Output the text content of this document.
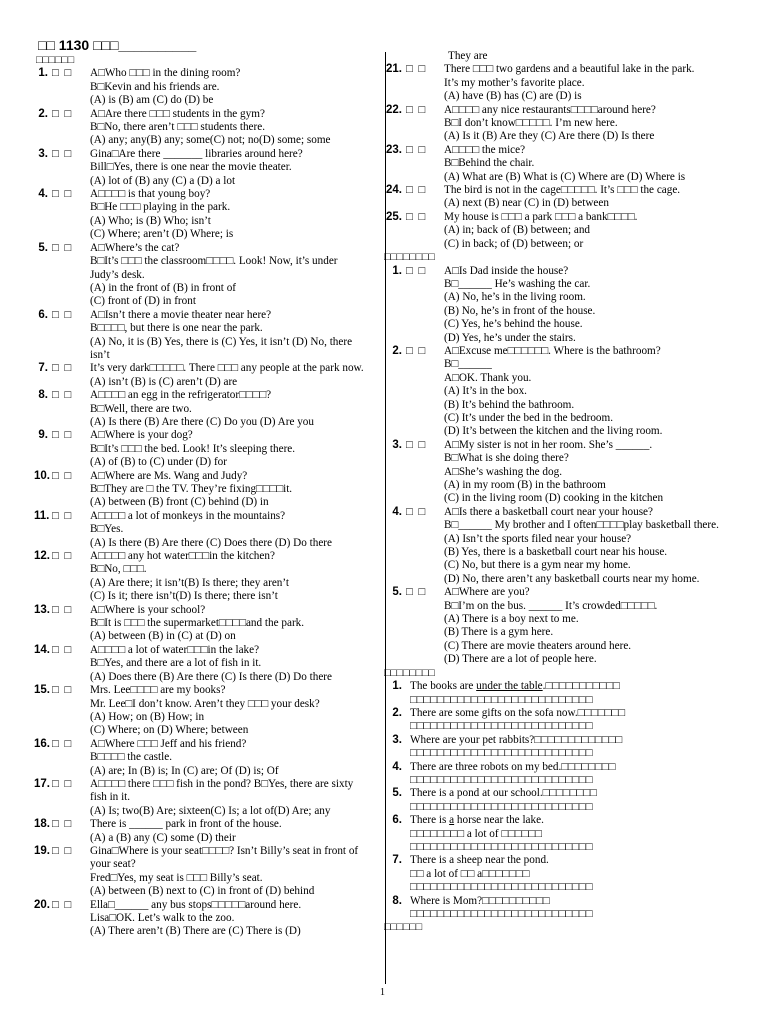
□□ 1130 □□□__________
□□□□□□
1. □  □	A□Who □□□ in the dining room?
B□Kevin and his friends are.
(A) is (B) am (C) do (D) be
2. □  □	A□Are there □□□ students in the gym?
B□No, there aren’t □□□ students there.
(A) any; any(B) any; some(C) not; no(D) some; some
3. □  □	Gina□Are there _______ libraries around here?
Bill□Yes, there is one near the movie theater.
(A) lot of (B) any (C) a (D) a lot
4. □  □	A□□□□ is that young boy?
B□He □□□ playing in the park.
(A) Who; is (B) Who; isn’t
(C) Where; aren’t (D) Where; is
5. □  □	A□Where’s the cat?
B□It’s □□□ the classroom□□□□. Look! Now, it’s under Judy’s desk.
(A) in the front of (B) in front of
(C) front of (D) in front
6. □  □	A□Isn’t there a movie theater near here?
B□□□□, but there is one near the park.
(A) No, it is (B) Yes, there is (C) Yes, it isn’t (D) No, there isn’t
7. □  □	It’s very dark□□□□□. There □□□ any people at the park now.
(A) isn’t (B) is (C) aren’t (D) are
8. □  □	A□□□□ an egg in the refrigerator□□□□?
B□Well, there are two.
(A) Is there (B) Are there (C) Do you (D) Are you
9. □  □	A□Where is your dog?
B□It’s □□□ the bed. Look! It’s sleeping there.
(A) of (B) to (C) under (D) for
10. □  □	A□Where are Ms. Wang and Judy?
B□They are □ the TV. They’re fixing□□□□it.
(A) between (B) front (C) behind (D) in
11. □  □	A□□□□ a lot of monkeys in the mountains?
B□Yes.
(A) Is there (B) Are there (C) Does there (D) Do there
12. □  □	A□□□□ any hot water□□□in the kitchen?
B□No, □□□.
(A) Are there; it isn’t(B) Is there; they aren’t
(C) Is it; there isn’t(D) Is there; there isn’t
13. □  □	A□Where is your school?
B□It is □□□ the supermarket□□□□and the park.
(A) between (B) in (C) at (D) on
14. □  □	A□□□□ a lot of water□□□in the lake?
B□Yes, and there are a lot of fish in it.
(A) Does there (B) Are there (C) Is there (D) Do there
15. □  □	Mrs. Lee□□□□ are my books?
Mr. Lee□I don’t know. Aren’t they □□□ your desk?
(A) How; on (B) How; in
(C) Where; on (D) Where; between
16. □  □	A□Where □□□ Jeff and his friend?
B□□□□ the castle.
(A) are; In (B) is; In (C) are; Of (D) is; Of
17. □  □	A□□□□ there □□□ fish in the pond? B□Yes, there are sixty fish in it.
(A) Is; two(B) Are; sixteen(C) Is; a lot of(D) Are; any
18. □  □	There is ______ park in front of the house.
(A) a (B) any (C) some (D) their
19. □  □	Gina□Where is your seat□□□□? Isn’t Billy’s seat in front of your seat?
Fred□Yes, my seat is □□□ Billy’s seat.
(A) between (B) next to (C) in front of (D) behind
20. □  □	Ella□______ any bus stops□□□□□around here.
Lisa□OK. Let’s walk to the zoo.
(A) There aren’t (B) There are (C) There is (D)
They are
21. □  □	There □□□ two gardens and a beautiful lake in the park.
It’s my mother’s favorite place.
(A) have (B) has (C) are (D) is
22. □  □	A□□□□ any nice restaurants□□□□around here?
B□I don’t know□□□□□. I’m new here.
(A) Is it (B) Are they (C) Are there (D) Is there
23. □  □	A□□□□ the mice?
B□Behind the chair.
(A) What are (B) What is (C) Where are (D) Where is
24. □  □	The bird is not in the cage□□□□□. It’s □□□ the cage.
(A) next (B) near (C) in (D) between
25. □  □	My house is □□□ a park □□□ a bank□□□□.
(A) in; back of (B) between; and
(C) in back; of (D) between; or
□□□□□□□□
1. □  □	A□Is Dad inside the house?
B□______ He’s washing the car.
(A) No, he’s in the living room.
(B) No, he’s in front of the house.
(C) Yes, he’s behind the house.
(D) Yes, he’s under the stairs.
2. □  □	A□Excuse me□□□□□□. Where is the bathroom?
B□______
A□OK. Thank you.
(A) It’s in the box.
(B) It’s behind the bathroom.
(C) It’s under the bed in the bedroom.
(D) It’s between the kitchen and the living room.
3. □  □	A□My sister is not in her room. She’s ______.
B□What is she doing there?
A□She’s washing the dog.
(A) in my room (B) in the bathroom
(C) in the living room (D) cooking in the kitchen
4. □  □	A□Is there a basketball court near your house?
B□______ My brother and I often□□□□play basketball there.
(A) Isn’t the sports filed near your house?
(B) Yes, there is a basketball court near his house.
(C) No, but there is a gym near my home.
(D) No, there aren’t any basketball courts near my home.
5. □  □	A□Where are you?
B□I’m on the bus. ______ It’s crowded□□□□□.
(A) There is a boy next to me.
(B) There is a gym here.
(C) There are movie theaters around here.
(D) There are a lot of people here.
□□□□□□□□
1. The books are under the table.□□□□□□□□□□□
□□□□□□□□□□□□□□□□□□□□□□□□□□□
2. There are some gifts on the sofa now.□□□□□□□
□□□□□□□□□□□□□□□□□□□□□□□□□□□
3. Where are your pet rabbits?□□□□□□□□□□□□□
□□□□□□□□□□□□□□□□□□□□□□□□□□□
4. There are three robots on my bed.□□□□□□□□
□□□□□□□□□□□□□□□□□□□□□□□□□□□
5. There is a pond at our school.□□□□□□□□
□□□□□□□□□□□□□□□□□□□□□□□□□□□
6. There is a horse near the lake.
□□□□□□□□ a lot of □□□□□□
□□□□□□□□□□□□□□□□□□□□□□□□□□□
7. There is a sheep near the pond.
□□ a lot of □□ a□□□□□□□
□□□□□□□□□□□□□□□□□□□□□□□□□□□
8. Where is Mom?□□□□□□□□□□
□□□□□□□□□□□□□□□□□□□□□□□□□□□
□□□□□□
1
